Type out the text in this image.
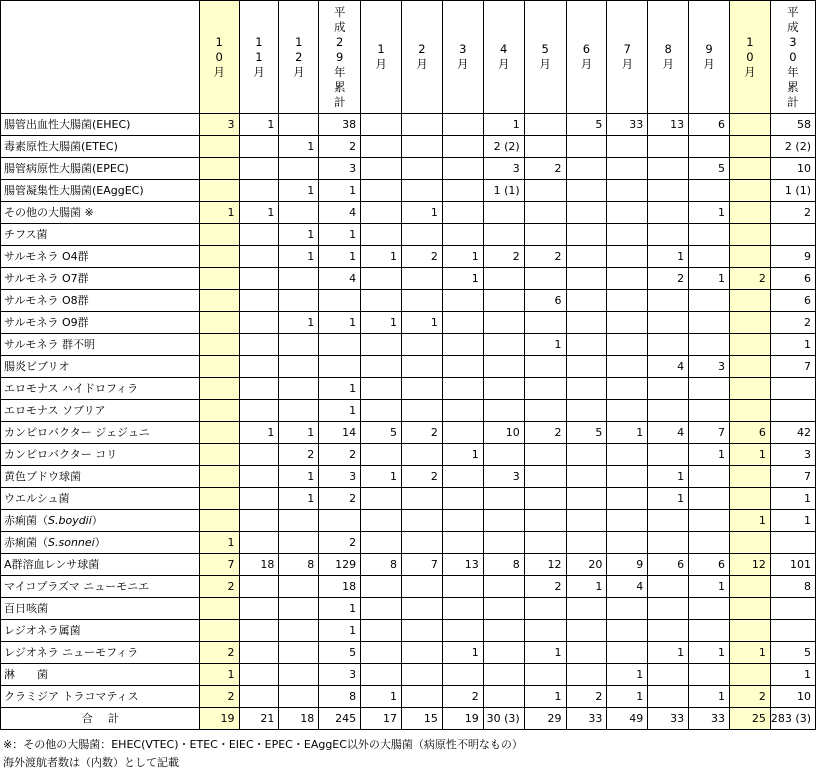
	10月	11月	12月	平成29年累計	1月	2月	3月	4月	5月	6月	7月	8月	9月	10月	平成30年累計
腸管出血性大腸菌(EHEC)	3	1		38				1		5	33	13	6		58
毒素原性大腸菌(ETEC)			1	2				2 (2)							2 (2)
腸管病原性大腸菌(EPEC)				3				3	2				5		10
腸管凝集性大腸菌(EAggEC)			1	1				1 (1)							1 (1)
その他の大腸菌 ※	1	1		4		1							1		2
チフス菌			1	1											
サルモネラ O4群			1	1	1	2	1	2	2			1			9
サルモネラ O7群				4			1					2	1	2	6
サルモネラ O8群									6						6
サルモネラ O9群			1	1	1	1									2
サルモネラ 群不明									1						1
腸炎ビブリオ												4	3		7
エロモナス ハイドロフィラ				1											
エロモナス ソブリア				1											
カンピロバクター ジェジュニ		1	1	14	5	2		10	2	5	1	4	7	6	42
カンピロバクター コリ			2	2			1						1	1	3
黄色ブドウ球菌			1	3	1	2		3				1			7
ウエルシュ菌			1	2								1			1
赤痢菌（S.boydii）														1	1
赤痢菌（S.sonnei）	1			2											
A群溶血レンサ球菌	7	18	8	129	8	7	13	8	12	20	9	6	6	12	101
マイコプラズマ ニューモニエ	2			18					2	1	4		1		8
百日咳菌				1											
レジオネラ属菌				1											
レジオネラ ニューモフィラ	2			5			1		1			1	1	1	5
淋　　菌	1			3							1				1
クラミジア トラコマティス	2			8	1		2		1	2	1		1	2	10
合　計	19	21	18	245	17	15	19	30 (3)	29	33	49	33	33	25	283 (3)
※：その他の大腸菌：EHEC(VTEC)・ETEC・EIEC・EPEC・EAggEC以外の大腸菌（病原性不明なもの）
海外渡航者数は（内数）として記載
